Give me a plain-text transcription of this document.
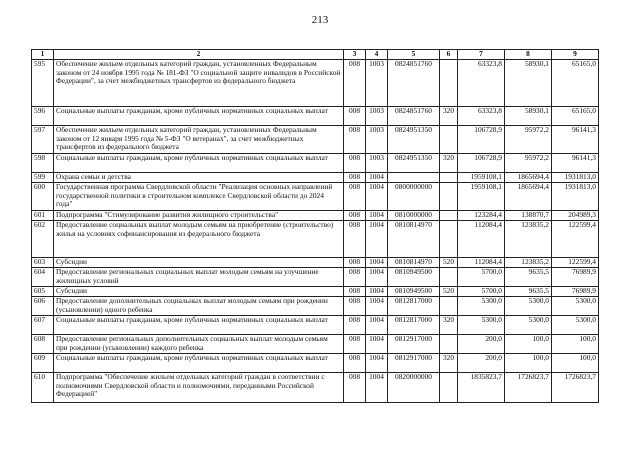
213
1	2	3	4	5	6	7	8	9
595	Обеспечение жильем отдельных категорий граждан, установленных Федеральным законом от 24 ноября 1995 года № 181-ФЗ "О социальной защите инвалидов в Российской Федерации", за счет межбюджетных трансфертов из федерального бюджета	008	1003	0824851760		63323,8	58930,1	65165,0
596	Социальные выплаты гражданам, кроме публичных нормативных социальных выплат	008	1003	0824851760	320	63323,8	58930,1	65165,0
597	Обеспечение жильем отдельных категорий граждан, установленных Федеральным законом от 12 января 1995 года № 5-ФЗ "О ветеранах", за счет межбюджетных трансфертов из федерального бюджета	008	1003	0824951350		106728,9	95972,2	96141,3
598	Социальные выплаты гражданам, кроме публичных нормативных социальных выплат	008	1003	0824951350	320	106728,9	95972,2	96141,3
599	Охрана семьи и детства	008	1004			1959108,1	1865694,4	1931813,0
600	Государственная программа Свердловской области "Реализация основных направлений государственной политики в строительном комплексе Свердловской области до 2024 года"	008	1004	0800000000		1959108,1	1865694,4	1931813,0
601	Подпрограмма "Стимулирование развития жилищного строительства"	008	1004	0810000000		123284,4	138870,7	204989,3
602	Предоставление социальных выплат молодым семьям на приобретение (строительство) жилья на условиях софинансирования из федерального бюджета	008	1004	0810814970		112084,4	123835,2	122599,4
603	Субсидии	008	1004	0810814970	520	112084,4	123835,2	122599,4
604	Предоставление региональных социальных выплат молодым семьям на улучшение жилищных условий	008	1004	0810949500		5700,0	9635,5	76989,9
605	Субсидии	008	1004	0810949500	520	5700,0	9635,5	76989,9
606	Предоставление дополнительных социальных выплат молодым семьям при рождении (усыновлении) одного ребенка	008	1004	0812817000		5300,0	5300,0	5300,0
607	Социальные выплаты гражданам, кроме публичных нормативных социальных выплат	008	1004	0812817000	320	5300,0	5300,0	5300,0
608	Предоставление региональных дополнительных социальных выплат молодым семьям при рождении (усыновлении) каждого ребенка	008	1004	0812917000		200,0	100,0	100,0
609	Социальные выплаты гражданам, кроме публичных нормативных социальных выплат	008	1004	0812917000	320	200,0	100,0	100,0
610	Подпрограмма "Обеспечение жильем отдельных категорий граждан в соответствии с полномочиями Свердловской области и полномочиями, переданными Российской Федерацией"	008	1004	0820000000		1835823,7	1726823,7	1726823,7
